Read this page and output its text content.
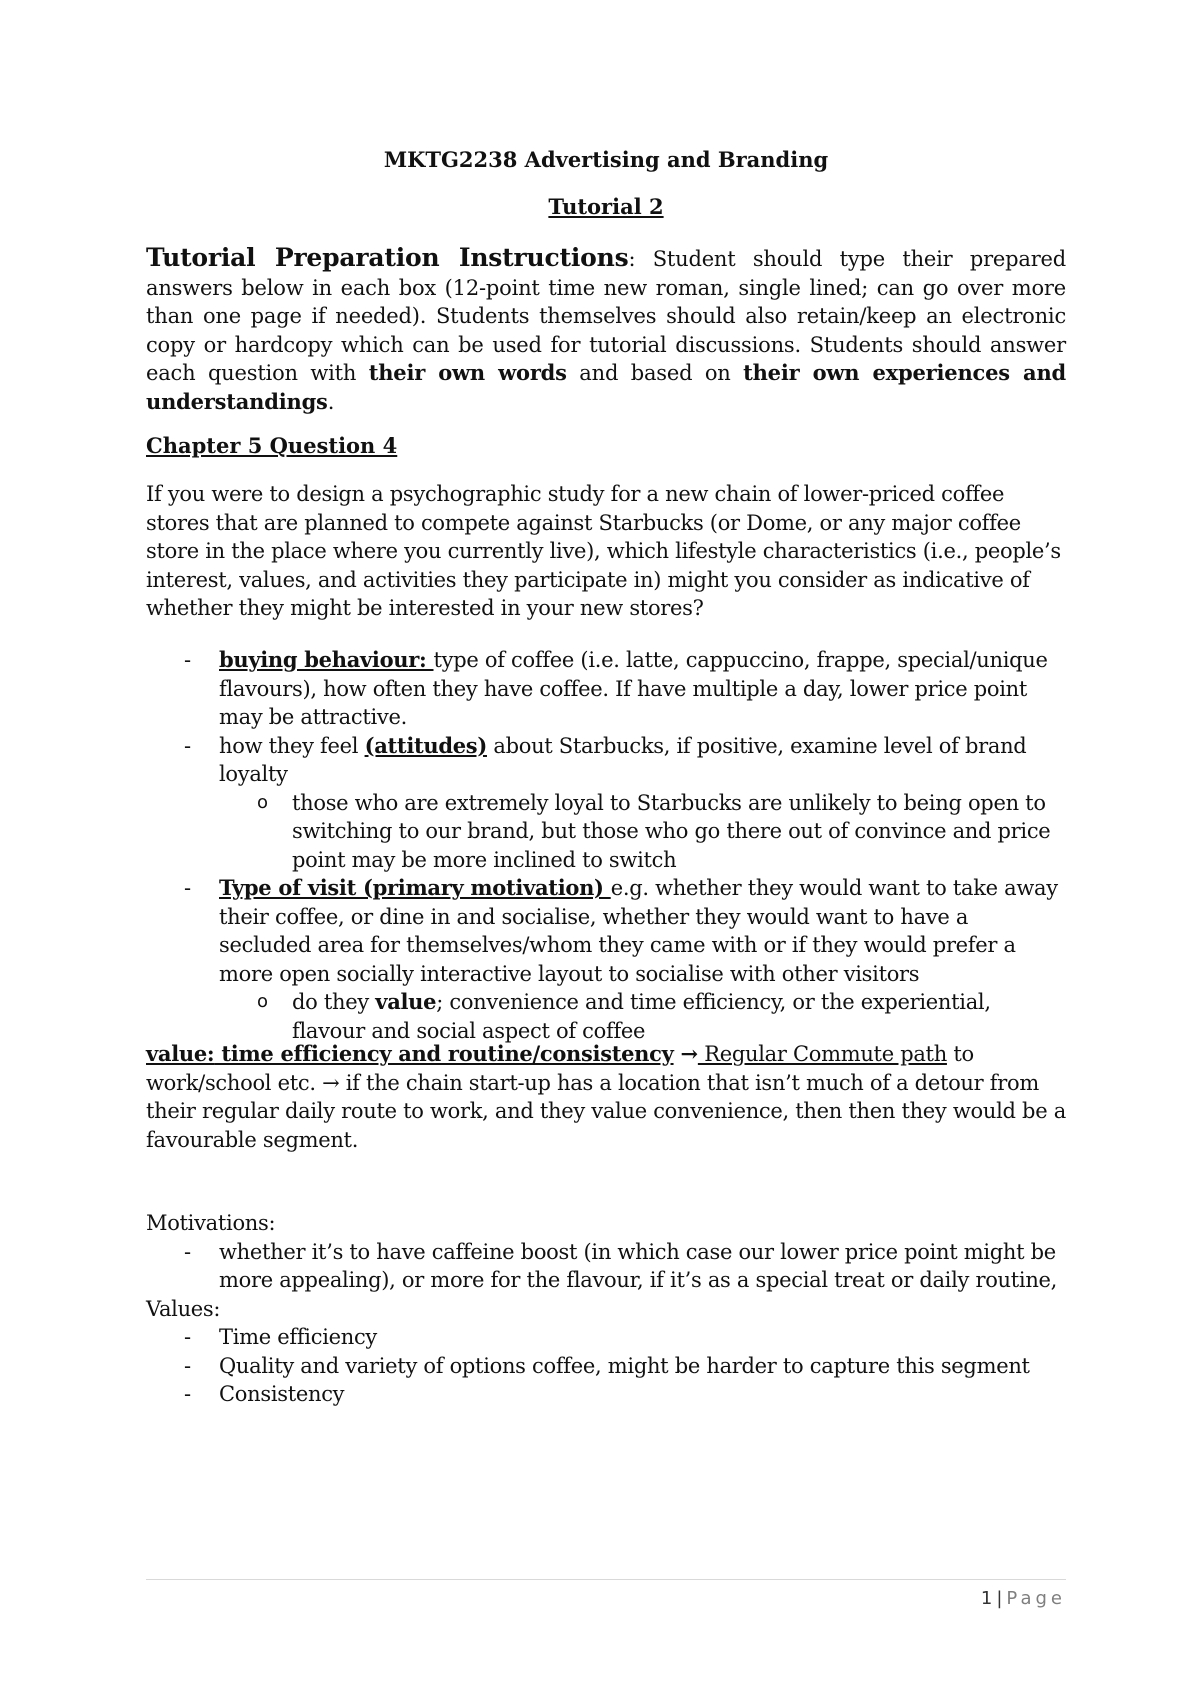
MKTG2238 Advertising and Branding
Tutorial 2
Tutorial Preparation Instructions: Student should type their prepared answers below in each box (12-point time new roman, single lined; can go over more than one page if needed). Students themselves should also retain/keep an electronic copy or hardcopy which can be used for tutorial discussions. Students should answer each question with their own words and based on their own experiences and understandings.
Chapter 5 Question 4
If you were to design a psychographic study for a new chain of lower-priced coffee stores that are planned to compete against Starbucks (or Dome, or any major coffee store in the place where you currently live), which lifestyle characteristics (i.e., people’s interest, values, and activities they participate in) might you consider as indicative of whether they might be interested in your new stores?
- buying behaviour: type of coffee (i.e. latte, cappuccino, frappe, special/unique flavours), how often they have coffee. If have multiple a day, lower price point may be attractive.
- how they feel (attitudes) about Starbucks, if positive, examine level of brand loyalty
o those who are extremely loyal to Starbucks are unlikely to being open to switching to our brand, but those who go there out of convince and price point may be more inclined to switch
- Type of visit (primary motivation) e.g. whether they would want to take away their coffee, or dine in and socialise, whether they would want to have a secluded area for themselves/whom they came with or if they would prefer a more open socially interactive layout to socialise with other visitors
o do they value; convenience and time efficiency, or the experiential, flavour and social aspect of coffee
value: time efficiency and routine/consistency → Regular Commute path to work/school etc. → if the chain start-up has a location that isn’t much of a detour from their regular daily route to work, and they value convenience, then then they would be a favourable segment.
Motivations:
- whether it’s to have caffeine boost (in which case our lower price point might be more appealing), or more for the flavour, if it’s as a special treat or daily routine,
Values:
- Time efficiency
- Quality and variety of options coffee, might be harder to capture this segment
- Consistency
1 | Page
